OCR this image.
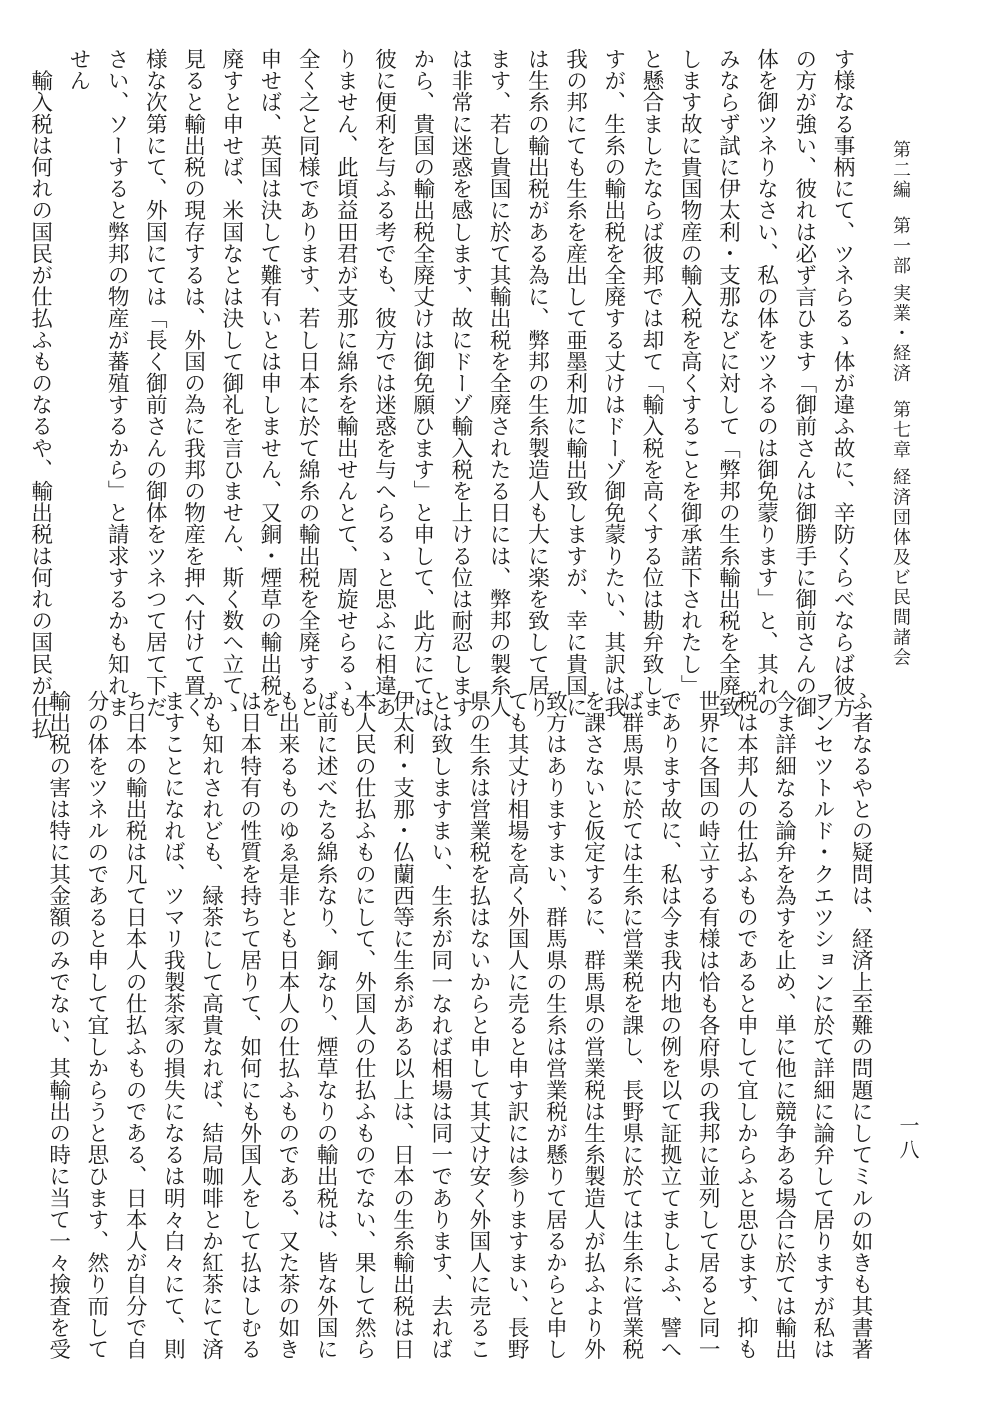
第二編第一部 実業・経済第七章 経済団体及ビ民間諸会
一八
す様なる事柄にて、ツネらるゝ体が違ふ故に、辛防くらべならば彼方
の方が強い、彼れは必ず言ひます「御前さんは御勝手に御前さんの御
体を御ツネりなさい、私の体をツネるのは御免蒙ります」と、其れの
みならず試に伊太利・支那などに対して「弊邦の生糸輸出税を全廃致
します故に貴国物産の輸入税を高くすることを御承諾下されたし」
と懸合ましたならば彼邦では却て「輸入税を高くする位は勘弁致しま
すが、生糸の輸出税を全廃する丈けはドーゾ御免蒙りたい、其訳は我
我の邦にても生糸を産出して亜墨利加に輸出致しますが、幸に貴国に
は生糸の輸出税がある為に、弊邦の生糸製造人も大に楽を致して居り
ます、若し貴国に於て其輸出税を全廃されたる日には、弊邦の製糸人
は非常に迷惑を感します、故にドーゾ輸入税を上ける位は耐忍します
から、貴国の輸出税全廃丈けは御免願ひます」と申して、此方にては
彼に便利を与ふる考でも、彼方では迷惑を与へらるゝと思ふに相違あ
りません、此頃益田君が支那に綿糸を輸出せんとて、周旋せらるゝも
全く之と同様であります、若し日本に於て綿糸の輸出税を全廃すると
申せば、英国は決して難有いとは申しません、又銅・煙草の輸出税を
廃すと申せば、米国なとは決して御礼を言ひません、斯く数へ立てゝ
見ると輸出税の現存するは、外国の為に我邦の物産を押へ付けて置く
様な次第にて、外国にては「長く御前さんの御体をツネつて居て下だ
さい、ソーすると弊邦の物産が蕃殖するから」と請求するかも知れま
せん
　輸入税は何れの国民が仕払ふものなるや、輸出税は何れの国民が仕払
ふ者なるやとの疑問は、経済上至難の問題にしてミルの如きも其書著
ヲンセツトルド・クエツションに於て詳細に論弁して居りますが私は
今ま詳細なる論弁を為すを止め、単に他に競争ある場合に於ては輸出
税は本邦人の仕払ふものであると申して宜しからふと思ひます、抑も
世界に各国の峙立する有様は恰も各府県の我邦に並列して居ると同一
であります故に、私は今ま我内地の例を以て証拠立てましよふ、譬へ
ば群馬県に於ては生糸に営業税を課し、長野県に於ては生糸に営業税
を課さないと仮定するに、群馬県の営業税は生糸製造人が払ふより外
致方はありますまい、群馬県の生糸は営業税が懸りて居るからと申し
ても其丈け相場を高く外国人に売ると申す訳には参りますまい、長野
県の生糸は営業税を払はないからと申して其丈け安く外国人に売るこ
とは致しますまい、生糸が同一なれば相場は同一であります、去れば
伊太利・支那・仏蘭西等に生糸がある以上は、日本の生糸輸出税は日
本人民の仕払ふものにして、外国人の仕払ふものでない、果して然ら
ば前に述べたる綿糸なり、銅なり、煙草なりの輸出税は、皆な外国に
も出来るものゆゑ是非とも日本人の仕払ふものである、又た茶の如き
は日本特有の性質を持ちて居りて、如何にも外国人をして払はしむる
かも知れされども、緑茶にして高貴なれば、結局咖啡とか紅茶にて済
ますことになれば、ツマリ我製茶家の損失になるは明々白々にて、則
ち日本の輸出税は凡て日本人の仕払ふものである、日本人が自分で自
分の体をツネルのであると申して宜しからうと思ひます、然り而して
輸出税の害は特に其金額のみでない、其輸出の時に当て一々撿査を受
